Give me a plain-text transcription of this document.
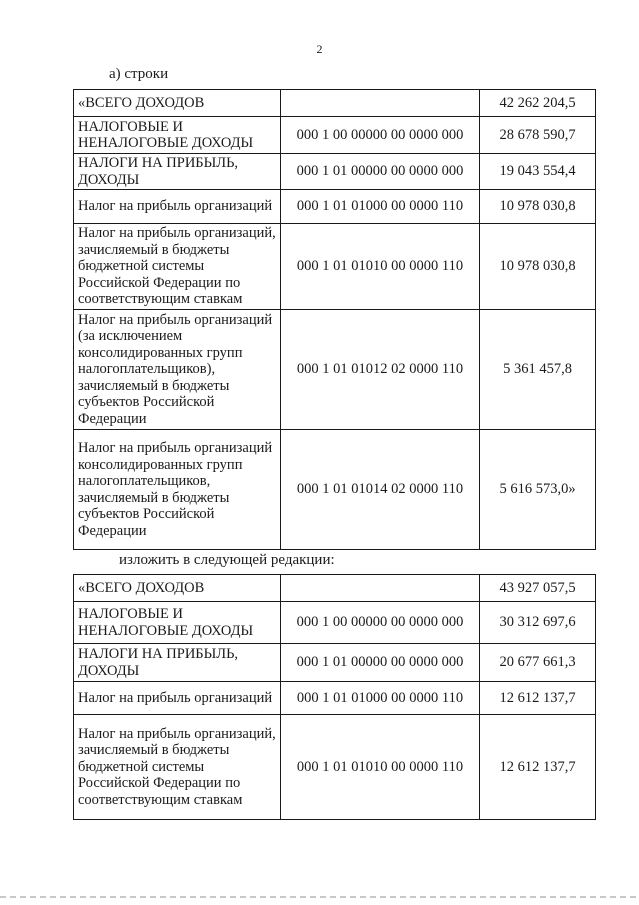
2
а) строки
«ВСЕГО ДОХОДОВ		42 262 204,5
НАЛОГОВЫЕ И НЕНАЛОГОВЫЕ ДОХОДЫ	000 1 00 00000 00 0000 000	28 678 590,7
НАЛОГИ НА ПРИБЫЛЬ, ДОХОДЫ	000 1 01 00000 00 0000 000	19 043 554,4
Налог на прибыль организаций	000 1 01 01000 00 0000 110	10 978 030,8
Налог на прибыль организаций, зачисляемый в бюджеты бюджетной системы Российской Федерации по соответствующим ставкам	000 1 01 01010 00 0000 110	10 978 030,8
Налог на прибыль организаций (за исключением консолидированных групп налогоплательщиков), зачисляемый в бюджеты субъектов Российской Федерации	000 1 01 01012 02 0000 110	5 361 457,8
Налог на прибыль организаций консолидированных групп налогоплательщиков, зачисляемый в бюджеты субъектов Российской Федерации	000 1 01 01014 02 0000 110	5 616 573,0»
изложить в следующей редакции:
«ВСЕГО ДОХОДОВ		43 927 057,5
НАЛОГОВЫЕ И НЕНАЛОГОВЫЕ ДОХОДЫ	000 1 00 00000 00 0000 000	30 312 697,6
НАЛОГИ НА ПРИБЫЛЬ, ДОХОДЫ	000 1 01 00000 00 0000 000	20 677 661,3
Налог на прибыль организаций	000 1 01 01000 00 0000 110	12 612 137,7
Налог на прибыль организаций, зачисляемый в бюджеты бюджетной системы Российской Федерации по соответствующим ставкам	000 1 01 01010 00 0000 110	12 612 137,7
